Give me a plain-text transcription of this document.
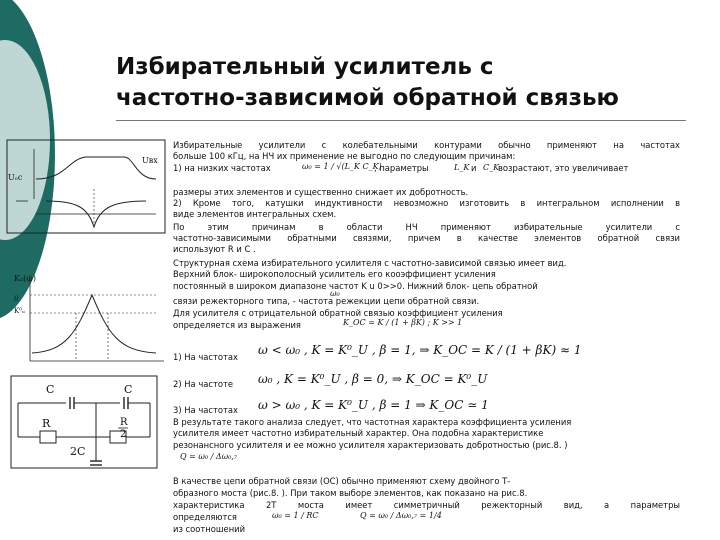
Избирательный усилитель с
частотно-зависимой обратной связью
Uₒc
Uвх
Kᵤ(ω)
0
K⁰ᵤ
C	C
R
2C
R
2
Избирательные усилители с колебательными контурами обычно применяют на частотах
больше 100 кГц, на НЧ их применение не выгодно по следующим причинам:
1) на низких частотах	ω₀ = 1 / √(L_K C_K)
, параметры	L_K и C_K
возрастают, это увеличивает
размеры этих элементов и существенно снижает их добротность.
2) Кроме того, катушки индуктивности невозможно изготовить в интегральном исполнении в
виде элементов интегральных схем.
По этим причинам в области НЧ применяют избирательные усилители с
частотно-зависимыми обратными связями, причем в качестве элементов обратной связи
используют R и C .
Структурная схема избирательного усилителя с частотно-зависимой связью имеет вид.
Верхний блок- широкополосный усилитель его кооэффициент усиления
постоянный в широком диапазоне частот K u 0>>0. Нижний блок- цепь обратной
ω₀
связи режекторного типа, - частота режекции цепи обратной связи.
Для усилителя с отрицательной обратной связью коэффициент усиления
определяется из выражения	K_OC = K / (1 + βK) ; K >> 1
1) На частотах	ω < ω₀ , K = K⁰_U , β = 1, ⇒ K_OC = K / (1 + βK) ≈ 1
2) На частоте	ω₀ , K = K⁰_U , β = 0, ⇒ K_OC = K⁰_U
3) На частотах	ω > ω₀ , K = K⁰_U , β = 1 ⇒ K_OC ≃ 1
В результате такого анализа следует, что частотная характера коэффициента усиления
усилителя имеет частотно избирательный характер. Она подобна характеристике
резонансного усилителя и ее можно усилителя характеризовать добротностью (рис.8. )
Q = ω₀ / Δω₀,₇
В качестве цепи обратной связи (ОС) обычно применяют схему двойного Т-
образного моста (рис.8. ). При таком выборе элементов, как показано на рис.8.
характеристика 2Т моста имеет симметричный режекторный вид, а параметры
определяются	ω₀ = 1 / RC	Q = ω₀ / Δω₀,₇ = 1/4
из соотношений
